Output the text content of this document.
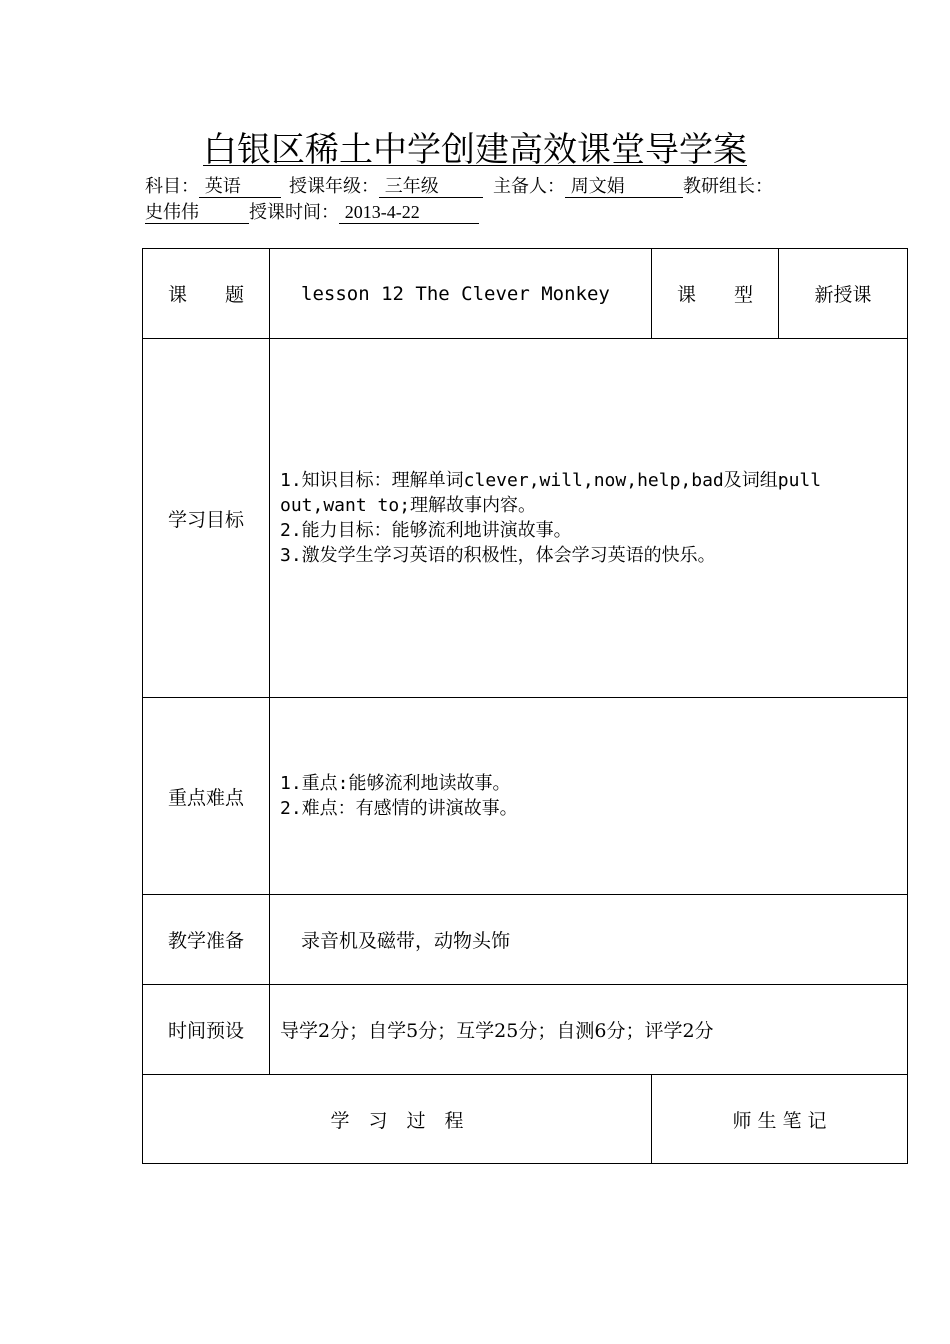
白银区稀土中学创建高效课堂导学案
科目： 英语	授课年级： 三年级	主备人： 周文娟	教研组长：
史伟伟	授课时间： 2013-4-22
课　　题	lesson 12 The Clever Monkey	课　　型	新授课
学习目标	1.知识目标：理解单词clever,will,now,help,bad及词组pull out,want to;理解故事内容。
2.能力目标：能够流利地讲演故事。
3.激发学生学习英语的积极性，体会学习英语的快乐。		

重点难点	1.重点:能够流利地读故事。
2.难点：有感情的讲演故事。		

教学准备	录音机及磁带，动物头饰		
时间预设	导学2分；自学5分；互学25分；自测6分；评学2分		
学　习　过　程		师 生 笔 记	
